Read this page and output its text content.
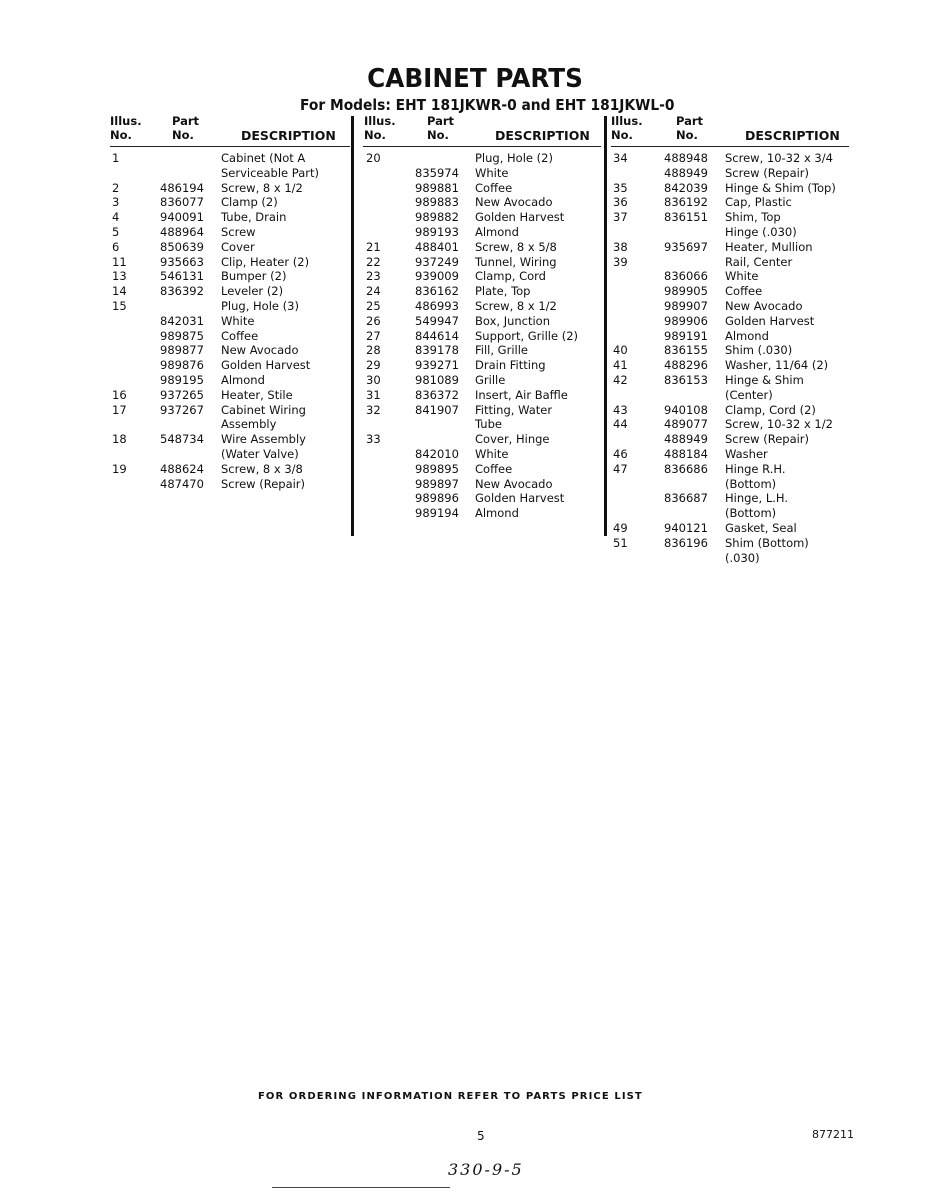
CABINET PARTS
For Models: EHT 181JKWR-0 and EHT 181JKWL-0
Illus.
No.
Part
No.	DESCRIPTION
1	Cabinet (Not A
Serviceable Part)
2	486194 Screw, 8 x 1/2
3	836077 Clamp (2)
4	940091 Tube, Drain
5	488964 Screw
6	850639 Cover
11	935663 Clip, Heater (2)
13	546131 Bumper (2)
14	836392 Leveler (2)
15	Plug, Hole (3)
842031 White
989875 Coffee
989877 New Avocado
989876 Golden Harvest
989195 Almond
16	937265 Heater, Stile
17	937267 Cabinet Wiring
Assembly
18	548734 Wire Assembly
(Water Valve)
19	488624 Screw, 8 x 3/8
487470 Screw (Repair)
Illus.
No.
Part
No.	DESCRIPTION
20	Plug, Hole (2)
835974 White
989881 Coffee
989883 New Avocado
989882 Golden Harvest
989193 Almond
21	488401 Screw, 8 x 5/8
22	937249 Tunnel, Wiring
23	939009 Clamp, Cord
24	836162 Plate, Top
25	486993 Screw, 8 x 1/2
26	549947 Box, Junction
27	844614 Support, Grille (2)
28	839178 Fill, Grille
29	939271 Drain Fitting
30	981089 Grille
31	836372 Insert, Air Baffle
32	841907 Fitting, Water
Tube
33	Cover, Hinge
842010 White
989895 Coffee
989897 New Avocado
989896 Golden Harvest
989194 Almond
Illus.
No.
Part
No.	DESCRIPTION
34	488948 Screw, 10-32 x 3/4
488949 Screw (Repair)
35	842039 Hinge & Shim (Top)
36	836192 Cap, Plastic
37	836151 Shim, Top
Hinge (.030)
38	935697 Heater, Mullion
39	Rail, Center
836066 White
989905 Coffee
989907 New Avocado
989906 Golden Harvest
989191 Almond
40	836155 Shim (.030)
41	488296 Washer, 11/64 (2)
42	836153 Hinge & Shim
(Center)
43	940108 Clamp, Cord (2)
44	489077 Screw, 10-32 x 1/2
488949 Screw (Repair)
46	488184 Washer
47	836686 Hinge R.H.
(Bottom)
836687 Hinge, L.H.
(Bottom)
49	940121 Gasket, Seal
51	836196 Shim (Bottom)
(.030)
FOR ORDERING INFORMATION REFER TO PARTS PRICE LIST
5	877211
330-9-5
